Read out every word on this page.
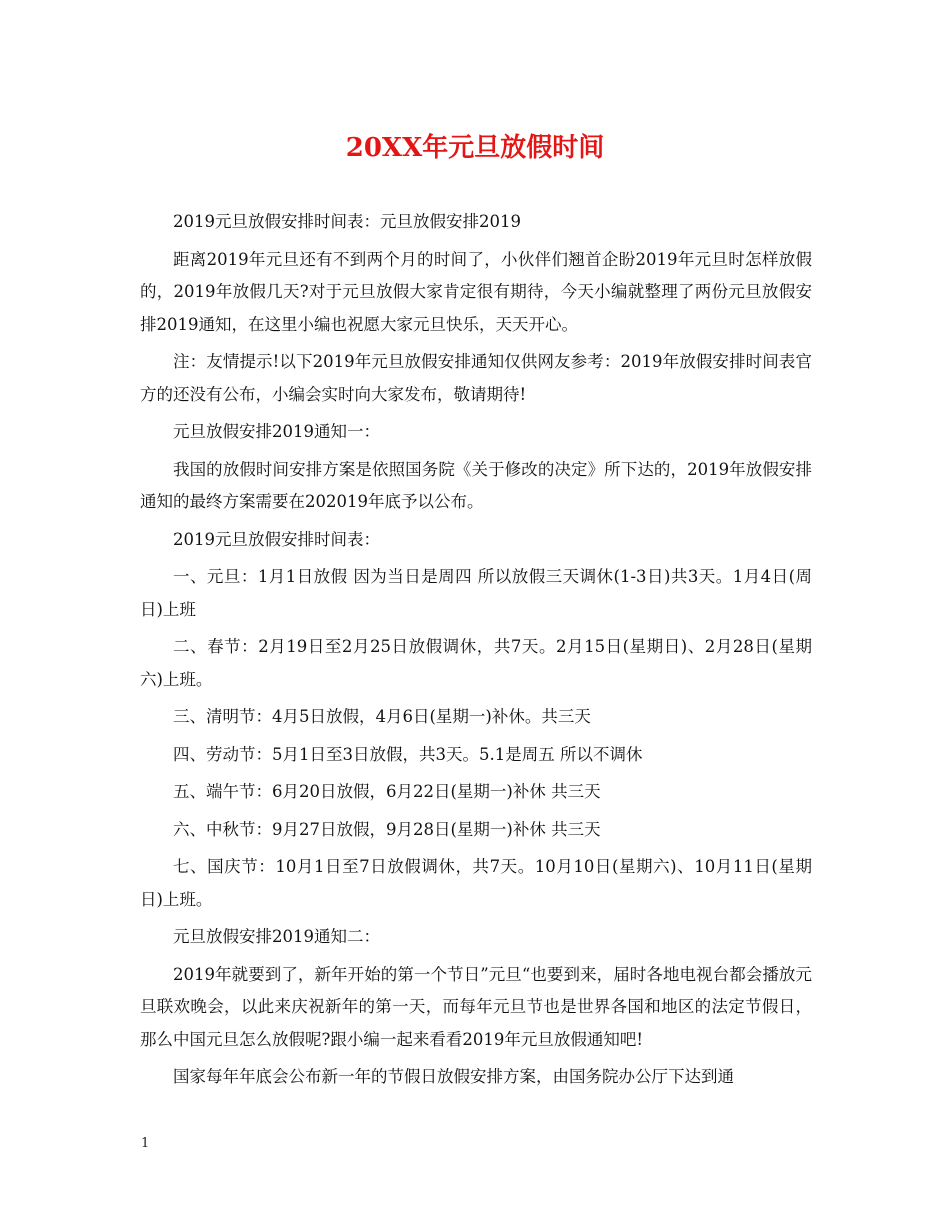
20XX年元旦放假时间

2019元旦放假安排时间表：元旦放假安排2019

距离2019年元旦还有不到两个月的时间了，小伙伴们翘首企盼2019年元旦时怎样放假的，2019年放假几天?对于元旦放假大家肯定很有期待，今天小编就整理了两份元旦放假安排2019通知，在这里小编也祝愿大家元旦快乐，天天开心。

注：友情提示!以下2019年元旦放假安排通知仅供网友参考：2019年放假安排时间表官方的还没有公布，小编会实时向大家发布，敬请期待!

元旦放假安排2019通知一：

我国的放假时间安排方案是依照国务院《关于修改的决定》所下达的，2019年放假安排通知的最终方案需要在202019年底予以公布。

2019元旦放假安排时间表：

一、元旦：1月1日放假 因为当日是周四 所以放假三天调休(1-3日)共3天。1月4日(周日)上班

二、春节：2月19日至2月25日放假调休，共7天。2月15日(星期日)、2月28日(星期六)上班。

三、清明节：4月5日放假，4月6日(星期一)补休。共三天

四、劳动节：5月1日至3日放假，共3天。5.1是周五 所以不调休

五、端午节：6月20日放假，6月22日(星期一)补休 共三天

六、中秋节：9月27日放假，9月28日(星期一)补休 共三天

七、国庆节：10月1日至7日放假调休，共7天。10月10日(星期六)、10月11日(星期日)上班。

元旦放假安排2019通知二：

2019年就要到了，新年开始的第一个节日”元旦“也要到来，届时各地电视台都会播放元旦联欢晚会，以此来庆祝新年的第一天，而每年元旦节也是世界各国和地区的法定节假日，那么中国元旦怎么放假呢?跟小编一起来看看2019年元旦放假通知吧!

国家每年年底会公布新一年的节假日放假安排方案，由国务院办公厅下达到通

1
